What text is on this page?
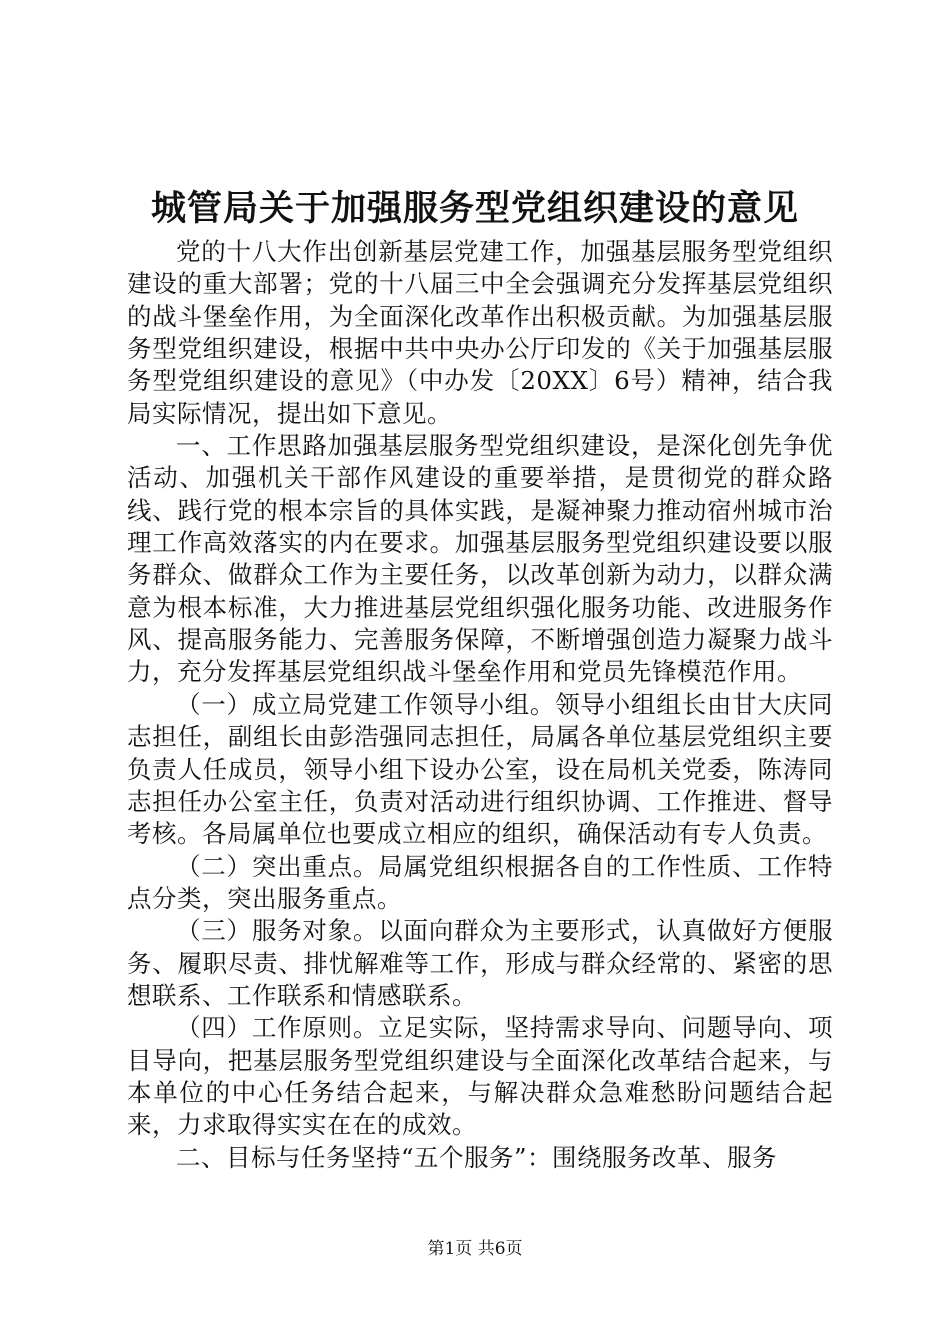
城管局关于加强服务型党组织建设的意见

党的十八大作出创新基层党建工作，加强基层服务型党组织建设的重大部署；党的十八届三中全会强调充分发挥基层党组织的战斗堡垒作用，为全面深化改革作出积极贡献。为加强基层服务型党组织建设，根据中共中央办公厅印发的《关于加强基层服务型党组织建设的意见》（中办发〔20XX〕6号）精神，结合我局实际情况，提出如下意见。

一、工作思路加强基层服务型党组织建设，是深化创先争优活动、加强机关干部作风建设的重要举措，是贯彻党的群众路线、践行党的根本宗旨的具体实践，是凝神聚力推动宿州城市治理工作高效落实的内在要求。加强基层服务型党组织建设要以服务群众、做群众工作为主要任务，以改革创新为动力，以群众满意为根本标准，大力推进基层党组织强化服务功能、改进服务作风、提高服务能力、完善服务保障，不断增强创造力凝聚力战斗力，充分发挥基层党组织战斗堡垒作用和党员先锋模范作用。

（一）成立局党建工作领导小组。领导小组组长由甘大庆同志担任，副组长由彭浩强同志担任，局属各单位基层党组织主要负责人任成员，领导小组下设办公室，设在局机关党委，陈涛同志担任办公室主任，负责对活动进行组织协调、工作推进、督导考核。各局属单位也要成立相应的组织，确保活动有专人负责。

（二）突出重点。局属党组织根据各自的工作性质、工作特点分类，突出服务重点。

（三）服务对象。以面向群众为主要形式，认真做好方便服务、履职尽责、排忧解难等工作，形成与群众经常的、紧密的思想联系、工作联系和情感联系。

（四）工作原则。立足实际，坚持需求导向、问题导向、项目导向，把基层服务型党组织建设与全面深化改革结合起来，与本单位的中心任务结合起来，与解决群众急难愁盼问题结合起来，力求取得实实在在的成效。

二、目标与任务坚持“五个服务”：围绕服务改革、服务

第1页 共6页
